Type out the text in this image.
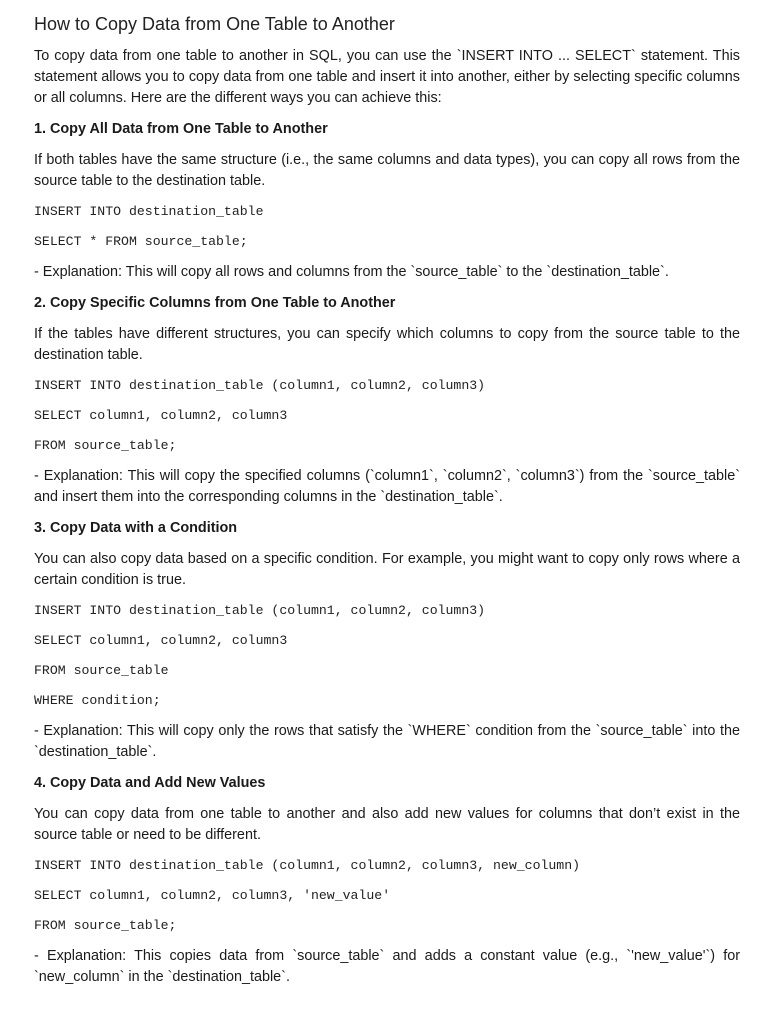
How to Copy Data from One Table to Another

To copy data from one table to another in SQL, you can use the `INSERT INTO ... SELECT` statement. This statement allows you to copy data from one table and insert it into another, either by selecting specific columns or all columns. Here are the different ways you can achieve this:

1. Copy All Data from One Table to Another

If both tables have the same structure (i.e., the same columns and data types), you can copy all rows from the source table to the destination table.

INSERT INTO destination_table
SELECT * FROM source_table;

- Explanation: This will copy all rows and columns from the `source_table` to the `destination_table`.

2. Copy Specific Columns from One Table to Another

If the tables have different structures, you can specify which columns to copy from the source table to the destination table.

INSERT INTO destination_table (column1, column2, column3)
SELECT column1, column2, column3
FROM source_table;

- Explanation: This will copy the specified columns (`column1`, `column2`, `column3`) from the `source_table` and insert them into the corresponding columns in the `destination_table`.

3. Copy Data with a Condition

You can also copy data based on a specific condition. For example, you might want to copy only rows where a certain condition is true.

INSERT INTO destination_table (column1, column2, column3)
SELECT column1, column2, column3
FROM source_table
WHERE condition;

- Explanation: This will copy only the rows that satisfy the `WHERE` condition from the `source_table` into the `destination_table`.

4. Copy Data and Add New Values

You can copy data from one table to another and also add new values for columns that don’t exist in the source table or need to be different.

INSERT INTO destination_table (column1, column2, column3, new_column)
SELECT column1, column2, column3, 'new_value'
FROM source_table;

- Explanation: This copies data from `source_table` and adds a constant value (e.g., `'new_value'`) for `new_column` in the `destination_table`.
